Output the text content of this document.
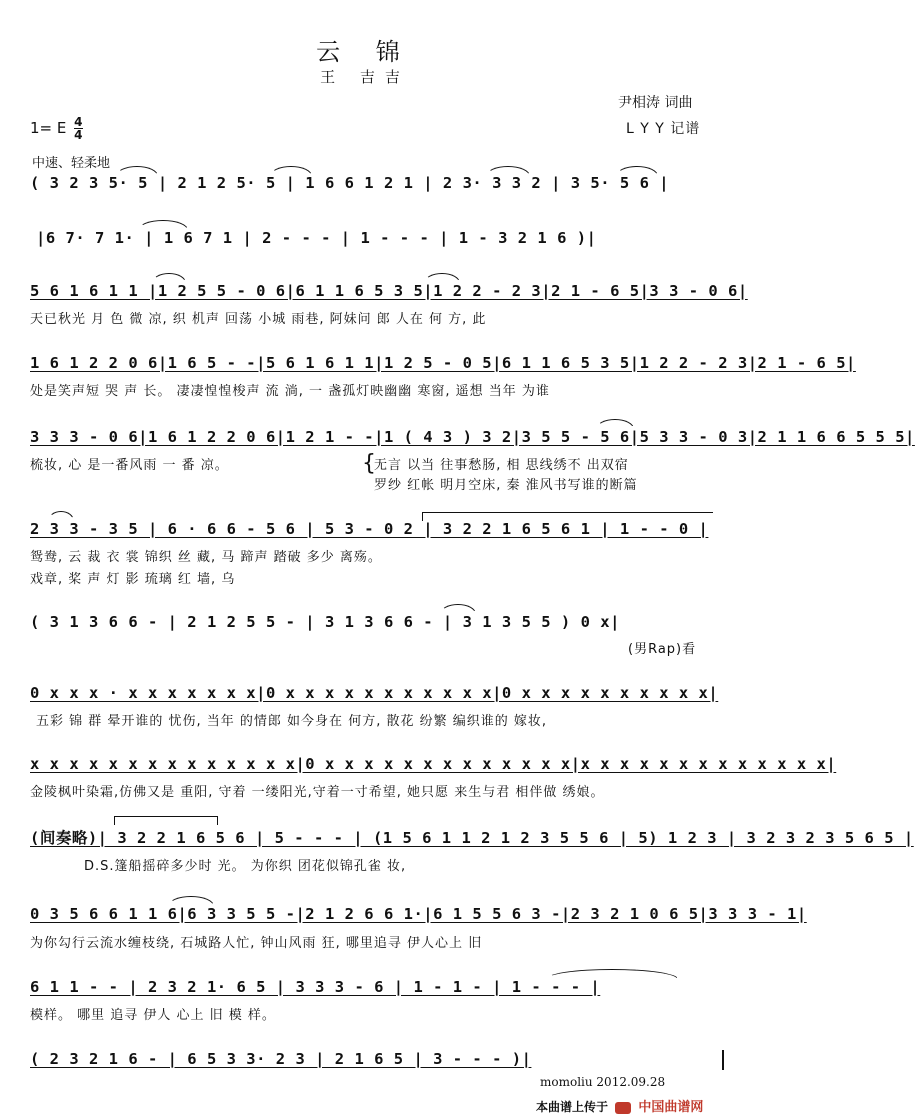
云 锦
王 吉吉
尹相涛 词曲
L Y Y 记谱
1= E $\frac{4}{4}$
中速、轻柔地
( 3 2 3 5· 5 | 2 1 2 5· 5 | 1 6 6 1 2 1 | 2 3· 3 3 2 | 3 5· 5 6 |
|6 7· 7 1· | 1 6 7 1 | 2 - - - | 1 - - - | 1 - 3 2 1 6 )|
5 6 1 6 1 1 |1 2 5 5 - 0 6|6 1 1 6 5 3 5|1 2 2 - 2 3|2 1 - 6 5|3 3 - 0 6|
天已秋光 月 色 微 凉, 织 机声 回荡 小城 雨巷, 阿妹问 郎 人在 何 方, 此
1 6 1 2 2 0 6|1 6 5 - -|5 6 1 6 1 1|1 2 5 - 0 5|6 1 1 6 5 3 5|1 2 2 - 2 3|2 1 - 6 5|
处是笑声短 哭 声 长。 凄凄惶惶梭声 流 淌, 一 盏孤灯映幽幽 寒窗, 遥想 当年 为谁
3 3 3 - 0 6|1 6 1 2 2 0 6|1 2 1 - -|1 ( 4 3 ) 3 2|3 5 5 - 5 6|5 3 3 - 0 3|2 1 1 6 6 5 5 5|
梳妆, 心 是一番风雨 一 番 凉。	{
无言 以当 往事愁肠, 相 思线绣不 出双宿
罗纱 红帐 明月空床, 秦 淮风书写谁的断篇
2 3 3 - 3 5 | 6 · 6 6 - 5 6 | 5 3 - 0 2 | 3 2 2 1 6 5 6 1 | 1 - - 0 |
鸳鸯, 云 裁 衣 裳 锦织 丝 藏, 马 蹄声 踏破 多少 离殇。
戏章, 桨 声 灯 影 琉璃 红 墙, 乌
( 3 1 3 6 6 - | 2 1 2 5 5 - | 3 1 3 6 6 - | 3 1 3 5 5 ) 0 x|
(男Rap)看
0 x x x · x x x x x x x|0 x x x x x x x x x x x|0 x x x x x x x x x x|
五彩 锦 群 晕开谁的 忧伤, 当年 的情郎 如今身在 何方, 散花 纷繁 编织谁的 嫁妆,
x x x x x x x x x x x x x x|0 x x x x x x x x x x x x x|x x x x x x x x x x x x x|
金陵枫叶染霜,仿佛又是 重阳, 守着 一缕阳光,守着一寸希望, 她只愿 来生与君 相伴做 绣娘。
(间奏略)| 3 2 2 1 6 5 6 | 5 - - - | (1 5 6 1 1 2 1 2 3 5 5 6 | 5) 1 2 3 | 3 2 3 2 3 5 6 5 |
D.S.篷船摇碎多少时 光。 为你织 团花似锦孔雀 妆,
0 3 5 6 6 1 1 6|6 3 3 5 5 -|2 1 2 6 6 1·|6 1 5 5 6 3 -|2 3 2 1 0 6 5|3 3 3 - 1|
为你勾行云流水缠枝绕, 石城路人忙, 钟山风雨 狂, 哪里追寻 伊人心上 旧
6 1 1 - - | 2 3 2 1· 6 5 | 3 3 3 - 6 | 1 - 1 - | 1 - - - |
模样。 哪里 追寻 伊人 心上 旧 模 样。
( 2 3 2 1 6 - | 6 5 3 3· 2 3 | 2 1 6 5 | 3 - - - )|
momoliu 2012.09.28
本曲谱上传于 中国曲谱网
